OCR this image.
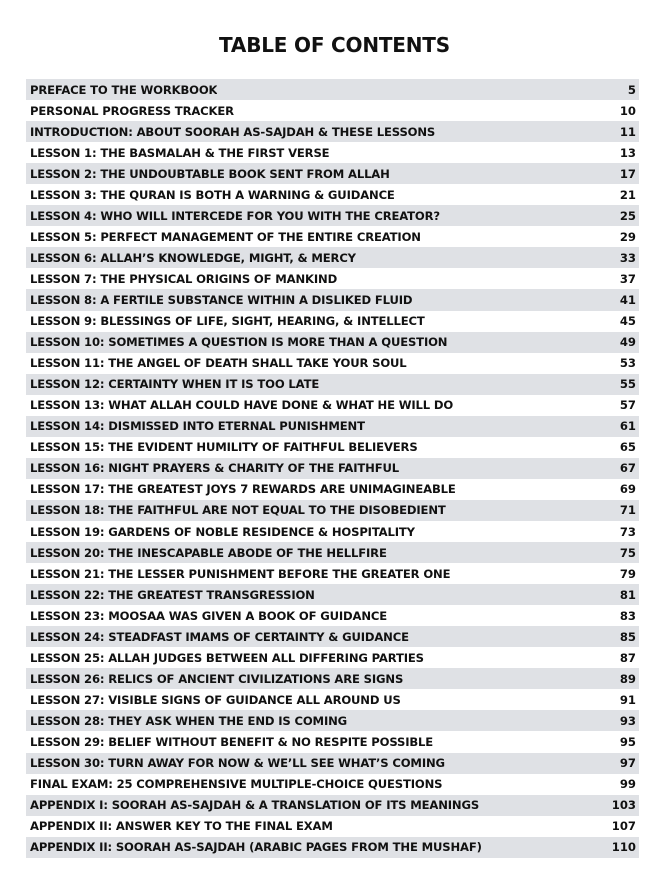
TABLE OF CONTENTS
PREFACE TO THE WORKBOOK	5
PERSONAL PROGRESS TRACKER	10
INTRODUCTION: ABOUT SOORAH AS-SAJDAH & THESE LESSONS	11
LESSON 1: THE BASMALAH & THE FIRST VERSE	13
LESSON 2: THE UNDOUBTABLE BOOK SENT FROM ALLAH	17
LESSON 3: THE QURAN IS BOTH A WARNING & GUIDANCE	21
LESSON 4: WHO WILL INTERCEDE FOR YOU WITH THE CREATOR?	25
LESSON 5: PERFECT MANAGEMENT OF THE ENTIRE CREATION	29
LESSON 6: ALLAH’S KNOWLEDGE, MIGHT, & MERCY	33
LESSON 7: THE PHYSICAL ORIGINS OF MANKIND	37
LESSON 8: A FERTILE SUBSTANCE WITHIN A DISLIKED FLUID	41
LESSON 9: BLESSINGS OF LIFE, SIGHT, HEARING, & INTELLECT	45
LESSON 10: SOMETIMES A QUESTION IS MORE THAN A QUESTION	49
LESSON 11: THE ANGEL OF DEATH SHALL TAKE YOUR SOUL	53
LESSON 12: CERTAINTY WHEN IT IS TOO LATE	55
LESSON 13: WHAT ALLAH COULD HAVE DONE & WHAT HE WILL DO	57
LESSON 14: DISMISSED INTO ETERNAL PUNISHMENT	61
LESSON 15: THE EVIDENT HUMILITY OF FAITHFUL BELIEVERS	65
LESSON 16: NIGHT PRAYERS & CHARITY OF THE FAITHFUL	67
LESSON 17: THE GREATEST JOYS 7 REWARDS ARE UNIMAGINEABLE	69
LESSON 18: THE FAITHFUL ARE NOT EQUAL TO THE DISOBEDIENT	71
LESSON 19: GARDENS OF NOBLE RESIDENCE & HOSPITALITY	73
LESSON 20: THE INESCAPABLE ABODE OF THE HELLFIRE	75
LESSON 21: THE LESSER PUNISHMENT BEFORE THE GREATER ONE	79
LESSON 22: THE GREATEST TRANSGRESSION	81
LESSON 23: MOOSAA WAS GIVEN A BOOK OF GUIDANCE	83
LESSON 24: STEADFAST IMAMS OF CERTAINTY & GUIDANCE	85
LESSON 25: ALLAH JUDGES BETWEEN ALL DIFFERING PARTIES	87
LESSON 26: RELICS OF ANCIENT CIVILIZATIONS ARE SIGNS	89
LESSON 27: VISIBLE SIGNS OF GUIDANCE ALL AROUND US	91
LESSON 28: THEY ASK WHEN THE END IS COMING	93
LESSON 29: BELIEF WITHOUT BENEFIT & NO RESPITE POSSIBLE	95
LESSON 30: TURN AWAY FOR NOW & WE’LL SEE WHAT’S COMING	97
FINAL EXAM: 25 COMPREHENSIVE MULTIPLE-CHOICE QUESTIONS	99
APPENDIX I: SOORAH AS-SAJDAH & A TRANSLATION OF ITS MEANINGS	103
APPENDIX II: ANSWER KEY TO THE FINAL EXAM	107
APPENDIX II: SOORAH AS-SAJDAH (ARABIC PAGES FROM THE MUSHAF)	110
